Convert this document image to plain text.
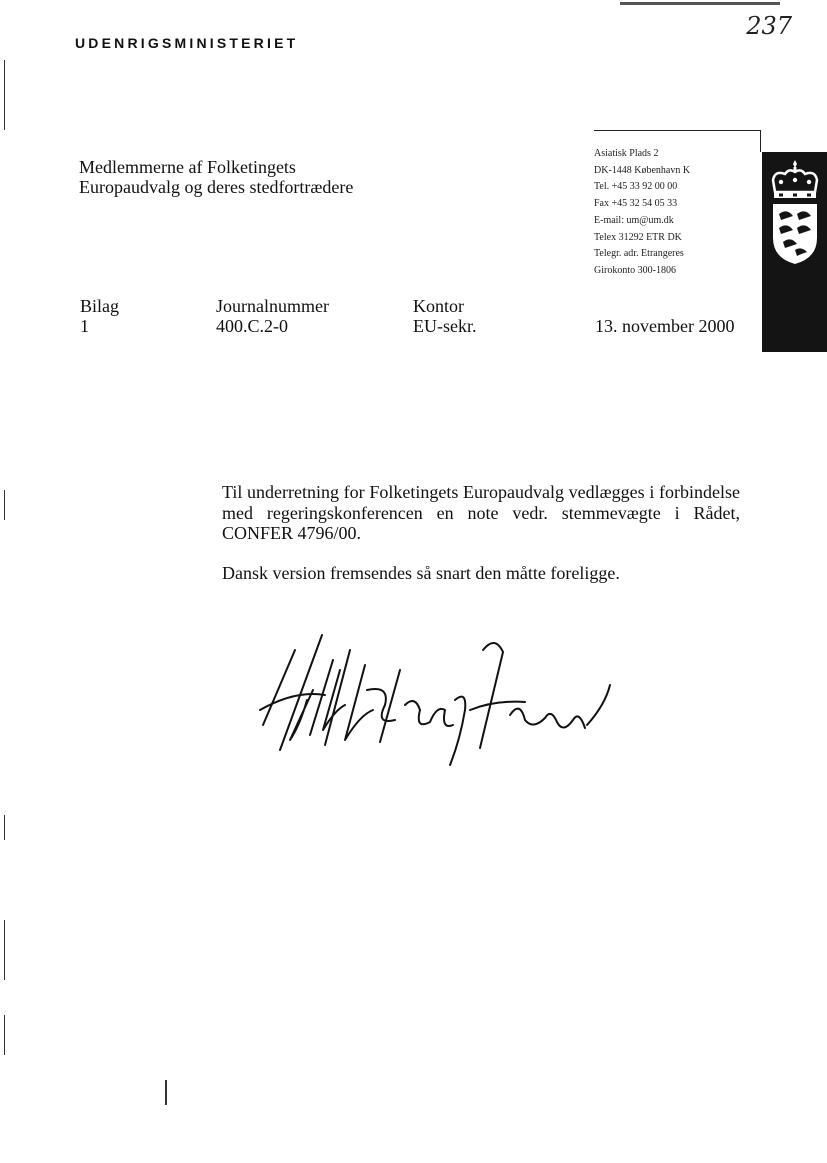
UDENRIGSMINISTERIET
237
Medlemmerne af Folketingets
Europaudvalg og deres stedfortrædere
Asiatisk Plads 2
DK-1448 København K
Tel. +45 33 92 00 00
Fax +45 32 54 05 33
E-mail: um@um.dk
Telex 31292 ETR DK
Telegr. adr. Etrangeres
Girokonto 300-1806
Bilag
1
Journalnummer
400.C.2-0
Kontor
EU-sekr.	13. november 2000

Til underretning for Folketingets Europaudvalg vedlægges i forbindelse med regeringskonferencen en note vedr. stemmevægte i Rådet, CONFER 4796/00.

Dansk version fremsendes så snart den måtte foreligge.
